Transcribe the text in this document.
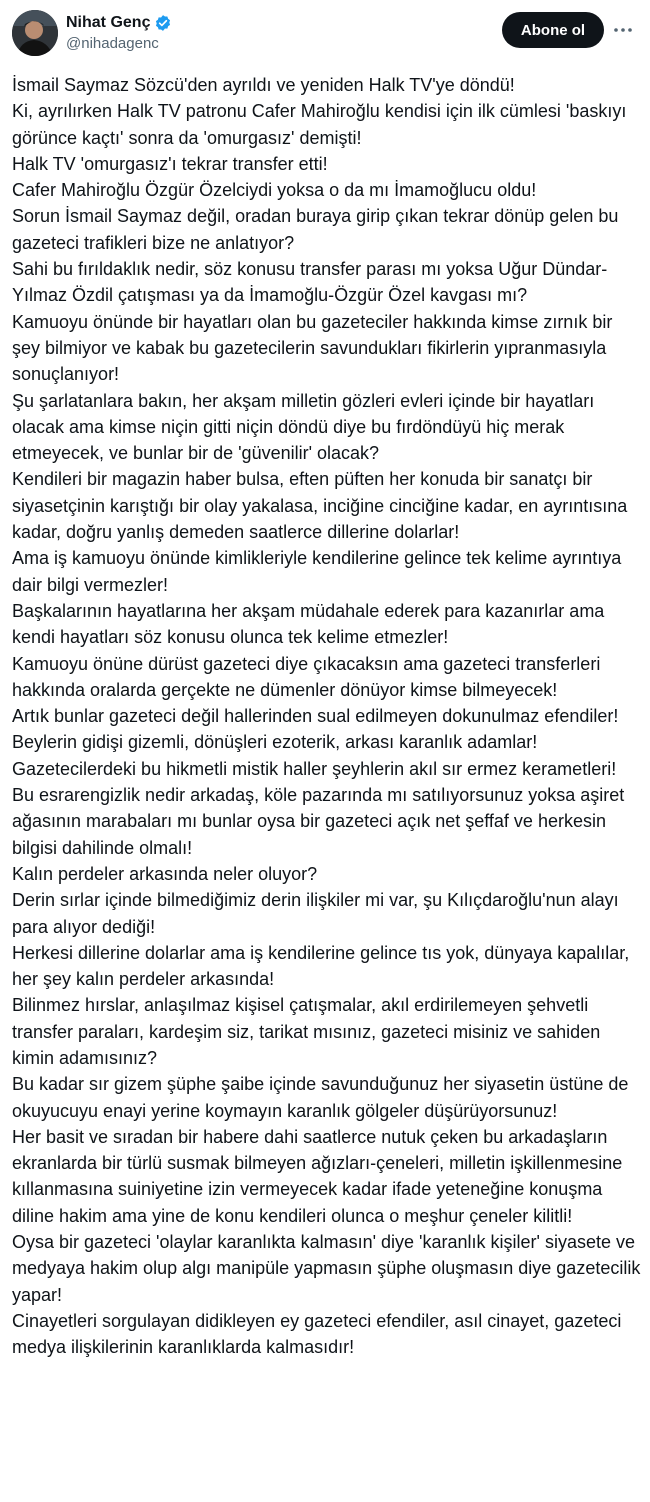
Nihat Genç
@nihadagenc
Abone ol

İsmail Saymaz Sözcü'den ayrıldı ve yeniden Halk TV'ye döndü!

Ki, ayrılırken Halk TV patronu Cafer Mahiroğlu kendisi için ilk cümlesi 'baskıyı görünce kaçtı' sonra da 'omurgasız' demişti!

Halk TV 'omurgasız'ı tekrar transfer etti!

Cafer Mahiroğlu Özgür Özelciydi yoksa o da mı İmamoğlucu oldu!

Sorun İsmail Saymaz değil, oradan buraya girip çıkan tekrar dönüp gelen bu gazeteci trafikleri bize ne anlatıyor?

Sahi bu fırıldaklık nedir, söz konusu transfer parası mı yoksa Uğur Dündar-Yılmaz Özdil çatışması ya da İmamoğlu-Özgür Özel kavgası mı?

Kamuoyu önünde bir hayatları olan bu gazeteciler hakkında kimse zırnık bir şey bilmiyor ve kabak bu gazetecilerin savundukları fikirlerin yıpranmasıyla sonuçlanıyor!

Şu şarlatanlara bakın, her akşam milletin gözleri evleri içinde bir hayatları olacak ama kimse niçin gitti niçin döndü diye bu fırdöndüyü hiç merak etmeyecek, ve bunlar bir de 'güvenilir' olacak?

Kendileri bir magazin haber bulsa, eften püften her konuda bir sanatçı bir siyasetçinin karıştığı bir olay yakalasa, inciğine cinciğine kadar, en ayrıntısına kadar, doğru yanlış demeden saatlerce dillerine dolarlar!

Ama iş kamuoyu önünde kimlikleriyle kendilerine gelince tek kelime ayrıntıya dair bilgi vermezler!

Başkalarının hayatlarına her akşam müdahale ederek para kazanırlar ama kendi hayatları söz konusu olunca tek kelime etmezler!

Kamuoyu önüne dürüst gazeteci diye çıkacaksın ama gazeteci transferleri hakkında oralarda gerçekte ne dümenler dönüyor kimse bilmeyecek!

Artık bunlar gazeteci değil hallerinden sual edilmeyen dokunulmaz efendiler!

Beylerin gidişi gizemli, dönüşleri ezoterik, arkası karanlık adamlar!

Gazetecilerdeki bu hikmetli mistik haller şeyhlerin akıl sır ermez kerametleri!

Bu esrarengizlik nedir arkadaş, köle pazarında mı satılıyorsunuz yoksa aşiret ağasının marabaları mı bunlar oysa bir gazeteci açık net şeffaf ve herkesin bilgisi dahilinde olmalı!

Kalın perdeler arkasında neler oluyor?

Derin sırlar içinde bilmediğimiz derin ilişkiler mi var, şu Kılıçdaroğlu'nun alayı para alıyor dediği!

Herkesi dillerine dolarlar ama iş kendilerine gelince tıs yok, dünyaya kapalılar, her şey kalın perdeler arkasında!

Bilinmez hırslar, anlaşılmaz kişisel çatışmalar, akıl erdirilemeyen şehvetli transfer paraları, kardeşim siz, tarikat mısınız, gazeteci misiniz ve sahiden kimin adamısınız?

Bu kadar sır gizem şüphe şaibe içinde savunduğunuz her siyasetin üstüne de okuyucuyu enayi yerine koymayın karanlık gölgeler düşürüyorsunuz!

Her basit ve sıradan bir habere dahi saatlerce nutuk çeken bu arkadaşların ekranlarda bir türlü susmak bilmeyen ağızları-çeneleri, milletin işkillenmesine kıllanmasına suiniyetine izin vermeyecek kadar ifade yeteneğine konuşma diline hakim ama yine de konu kendileri olunca o meşhur çeneler kilitli!

Oysa bir gazeteci 'olaylar karanlıkta kalmasın' diye 'karanlık kişiler' siyasete ve medyaya hakim olup algı manipüle yapmasın şüphe oluşmasın diye gazetecilik yapar!

Cinayetleri sorgulayan didikleyen ey gazeteci efendiler, asıl cinayet, gazeteci medya ilişkilerinin karanlıklarda kalmasıdır!
